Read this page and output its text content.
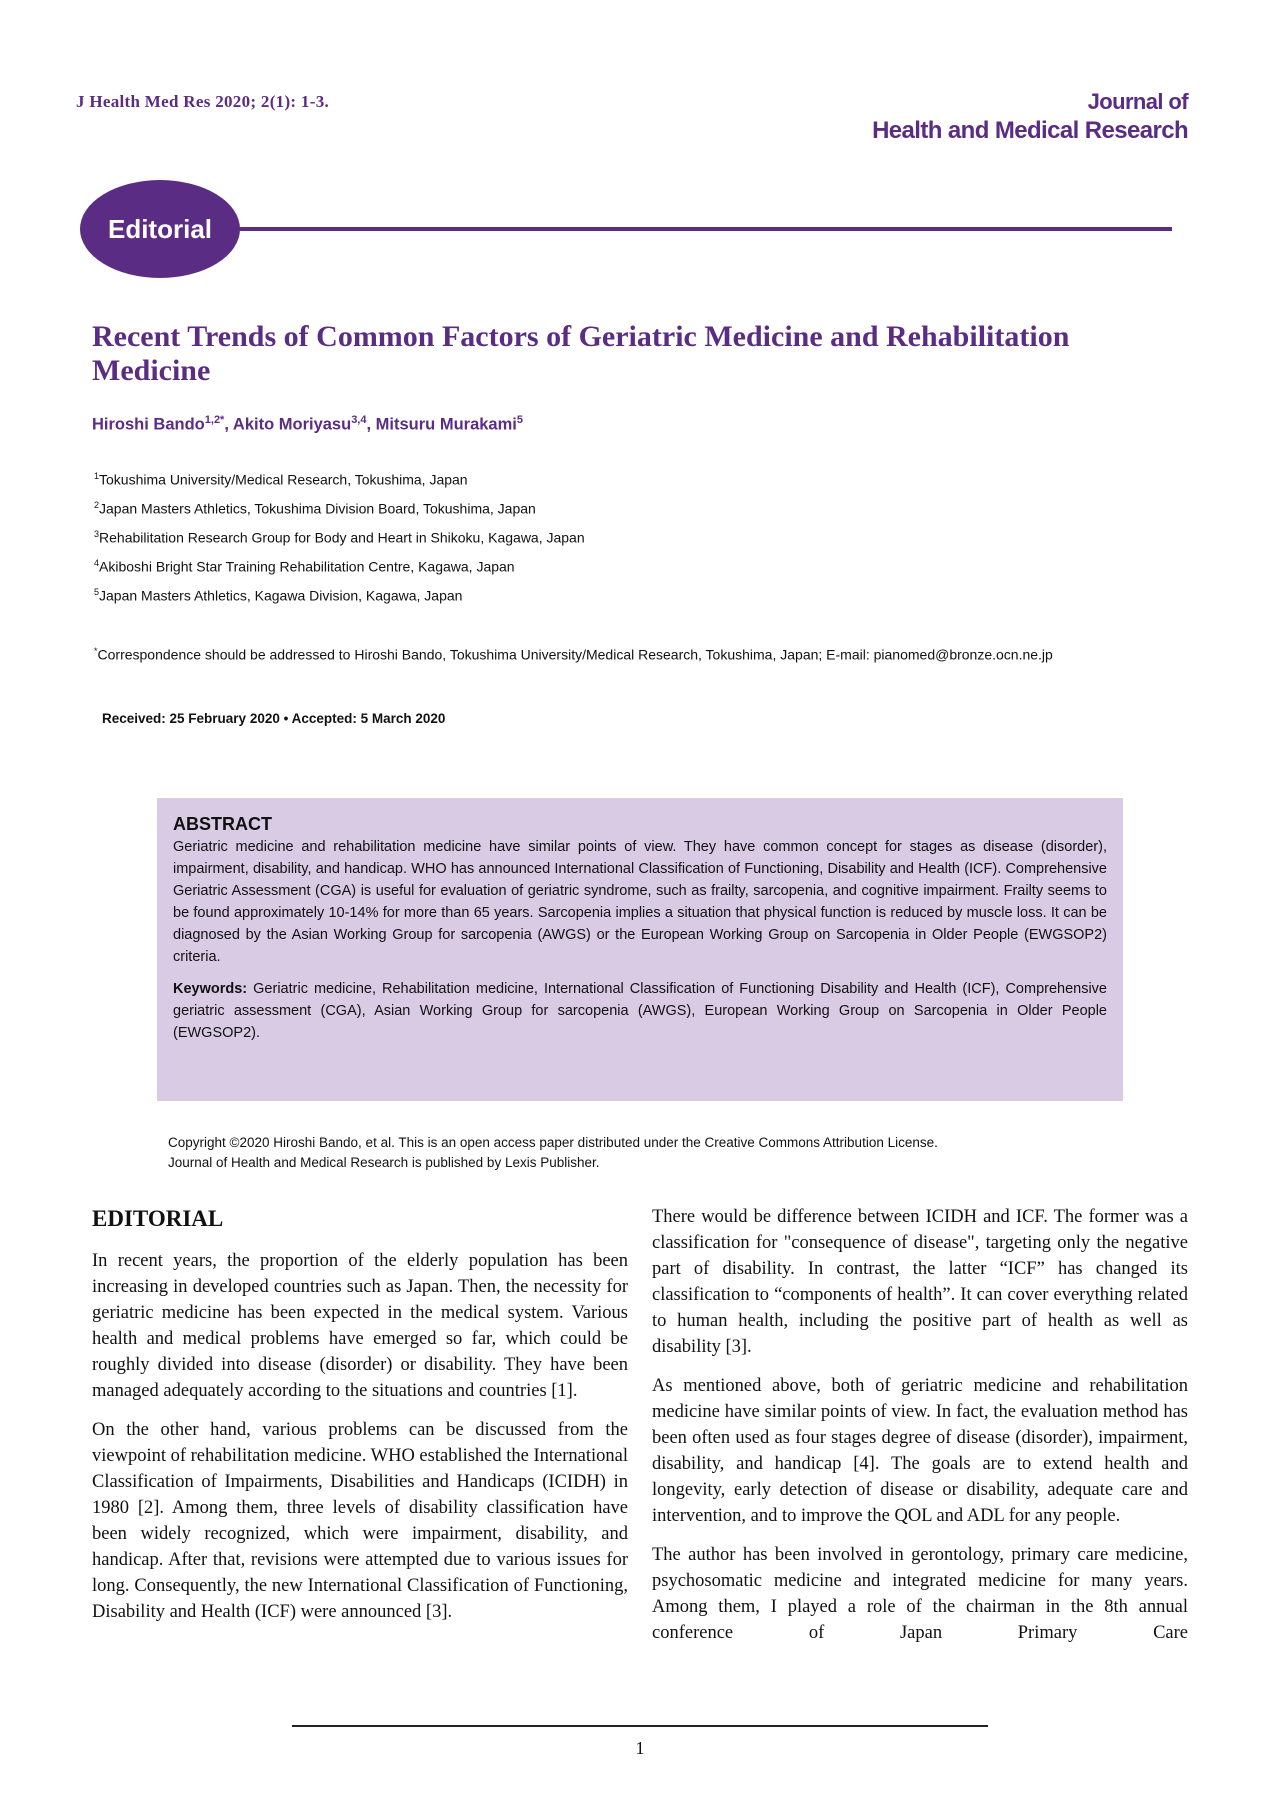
J Health Med Res 2020; 2(1): 1-3.	Journal of
Health and Medical Research
Editorial
Recent Trends of Common Factors of Geriatric Medicine and Rehabilitation Medicine
Hiroshi Bando$^{1,2*}$, Akito Moriyasu$^{3,4}$, Mitsuru Murakami$^5$
$^1$Tokushima University/Medical Research, Tokushima, Japan
$^2$Japan Masters Athletics, Tokushima Division Board, Tokushima, Japan
$^3$Rehabilitation Research Group for Body and Heart in Shikoku, Kagawa, Japan
$^4$Akiboshi Bright Star Training Rehabilitation Centre, Kagawa, Japan
$^5$Japan Masters Athletics, Kagawa Division, Kagawa, Japan
*Correspondence should be addressed to Hiroshi Bando, Tokushima University/Medical Research, Tokushima, Japan; E-mail: pianomed@bronze.ocn.ne.jp
Received: 25 February 2020 • Accepted: 5 March 2020
ABSTRACT

Geriatric medicine and rehabilitation medicine have similar points of view. They have common concept for stages as disease (disorder), impairment, disability, and handicap. WHO has announced International Classification of Functioning, Disability and Health (ICF). Comprehensive Geriatric Assessment (CGA) is useful for evaluation of geriatric syndrome, such as frailty, sarcopenia, and cognitive impairment. Frailty seems to be found approximately 10-14% for more than 65 years. Sarcopenia implies a situation that physical function is reduced by muscle loss. It can be diagnosed by the Asian Working Group for sarcopenia (AWGS) or the European Working Group on Sarcopenia in Older People (EWGSOP2) criteria.

Keywords: Geriatric medicine, Rehabilitation medicine, International Classification of Functioning Disability and Health (ICF), Comprehensive geriatric assessment (CGA), Asian Working Group for sarcopenia (AWGS), European Working Group on Sarcopenia in Older People (EWGSOP2).

Copyright ©2020 Hiroshi Bando, et al. This is an open access paper distributed under the Creative Commons Attribution License.
Journal of Health and Medical Research is published by Lexis Publisher.
EDITORIAL

In recent years, the proportion of the elderly population has been increasing in developed countries such as Japan. Then, the necessity for geriatric medicine has been expected in the medical system. Various health and medical problems have emerged so far, which could be roughly divided into disease (disorder) or disability. They have been managed adequately according to the situations and countries [1].

On the other hand, various problems can be discussed from the viewpoint of rehabilitation medicine. WHO established the International Classification of Impairments, Disabilities and Handicaps (ICIDH) in 1980 [2]. Among them, three levels of disability classification have been widely recognized, which were impairment, disability, and handicap. After that, revisions were attempted due to various issues for long. Consequently, the new International Classification of Functioning, Disability and Health (ICF) were announced [3].

There would be difference between ICIDH and ICF. The former was a classification for "consequence of disease", targeting only the negative part of disability. In contrast, the latter “ICF” has changed its classification to “components of health”. It can cover everything related to human health, including the positive part of health as well as disability [3].

As mentioned above, both of geriatric medicine and rehabilitation medicine have similar points of view. In fact, the evaluation method has been often used as four stages degree of disease (disorder), impairment, disability, and handicap [4]. The goals are to extend health and longevity, early detection of disease or disability, adequate care and intervention, and to improve the QOL and ADL for any people.

The author has been involved in gerontology, primary care medicine, psychosomatic medicine and integrated medicine for many years. Among them, I played a role of the chairman in the 8th annual conference of Japan Primary Care

1
